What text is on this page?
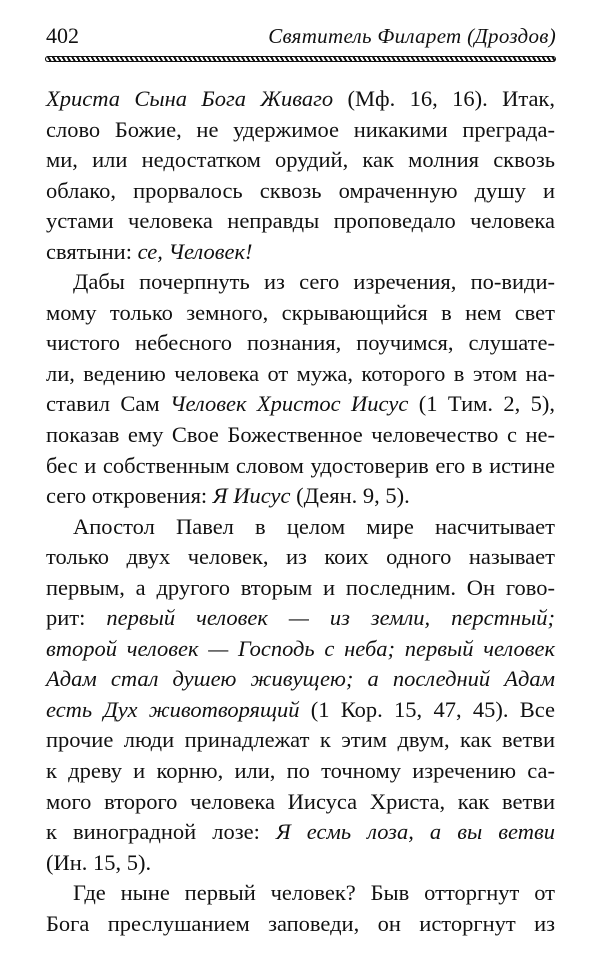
402	Святитель Филарет (Дроздов)
Христа Сына Бога Живаго (Мф. 16, 16). Итак,
слово Божие, не удержимое никакими преграда-
ми, или недостатком орудий, как молния сквозь
облако, прорвалось сквозь омраченную душу и
устами человека неправды проповедало человека
святыни: се, Человек!
Дабы почерпнуть из сего изречения, по-види-
мому только земного, скрывающийся в нем свет
чистого небесного познания, поучимся, слушате-
ли, ведению человека от мужа, которого в этом на-
ставил Сам Человек Христос Иисус (1 Тим. 2, 5),
показав ему Свое Божественное человечество с не-
бес и собственным словом удостоверив его в истине
сего откровения: Я Иисус (Деян. 9, 5).
Апостол Павел в целом мире насчитывает
только двух человек, из коих одного называет
первым, а другого вторым и последним. Он гово-
рит: первый человек — из земли, перстный;
второй человек — Господь с неба; первый человек
Адам стал душею живущею; а последний Адам
есть Дух животворящий (1 Кор. 15, 47, 45). Все
прочие люди принадлежат к этим двум, как ветви
к древу и корню, или, по точному изречению са-
мого второго человека Иисуса Христа, как ветви
к виноградной лозе: Я есмь лоза, а вы ветви
(Ин. 15, 5).
Где ныне первый человек? Быв отторгнут от
Бога преслушанием заповеди, он исторгнут из
